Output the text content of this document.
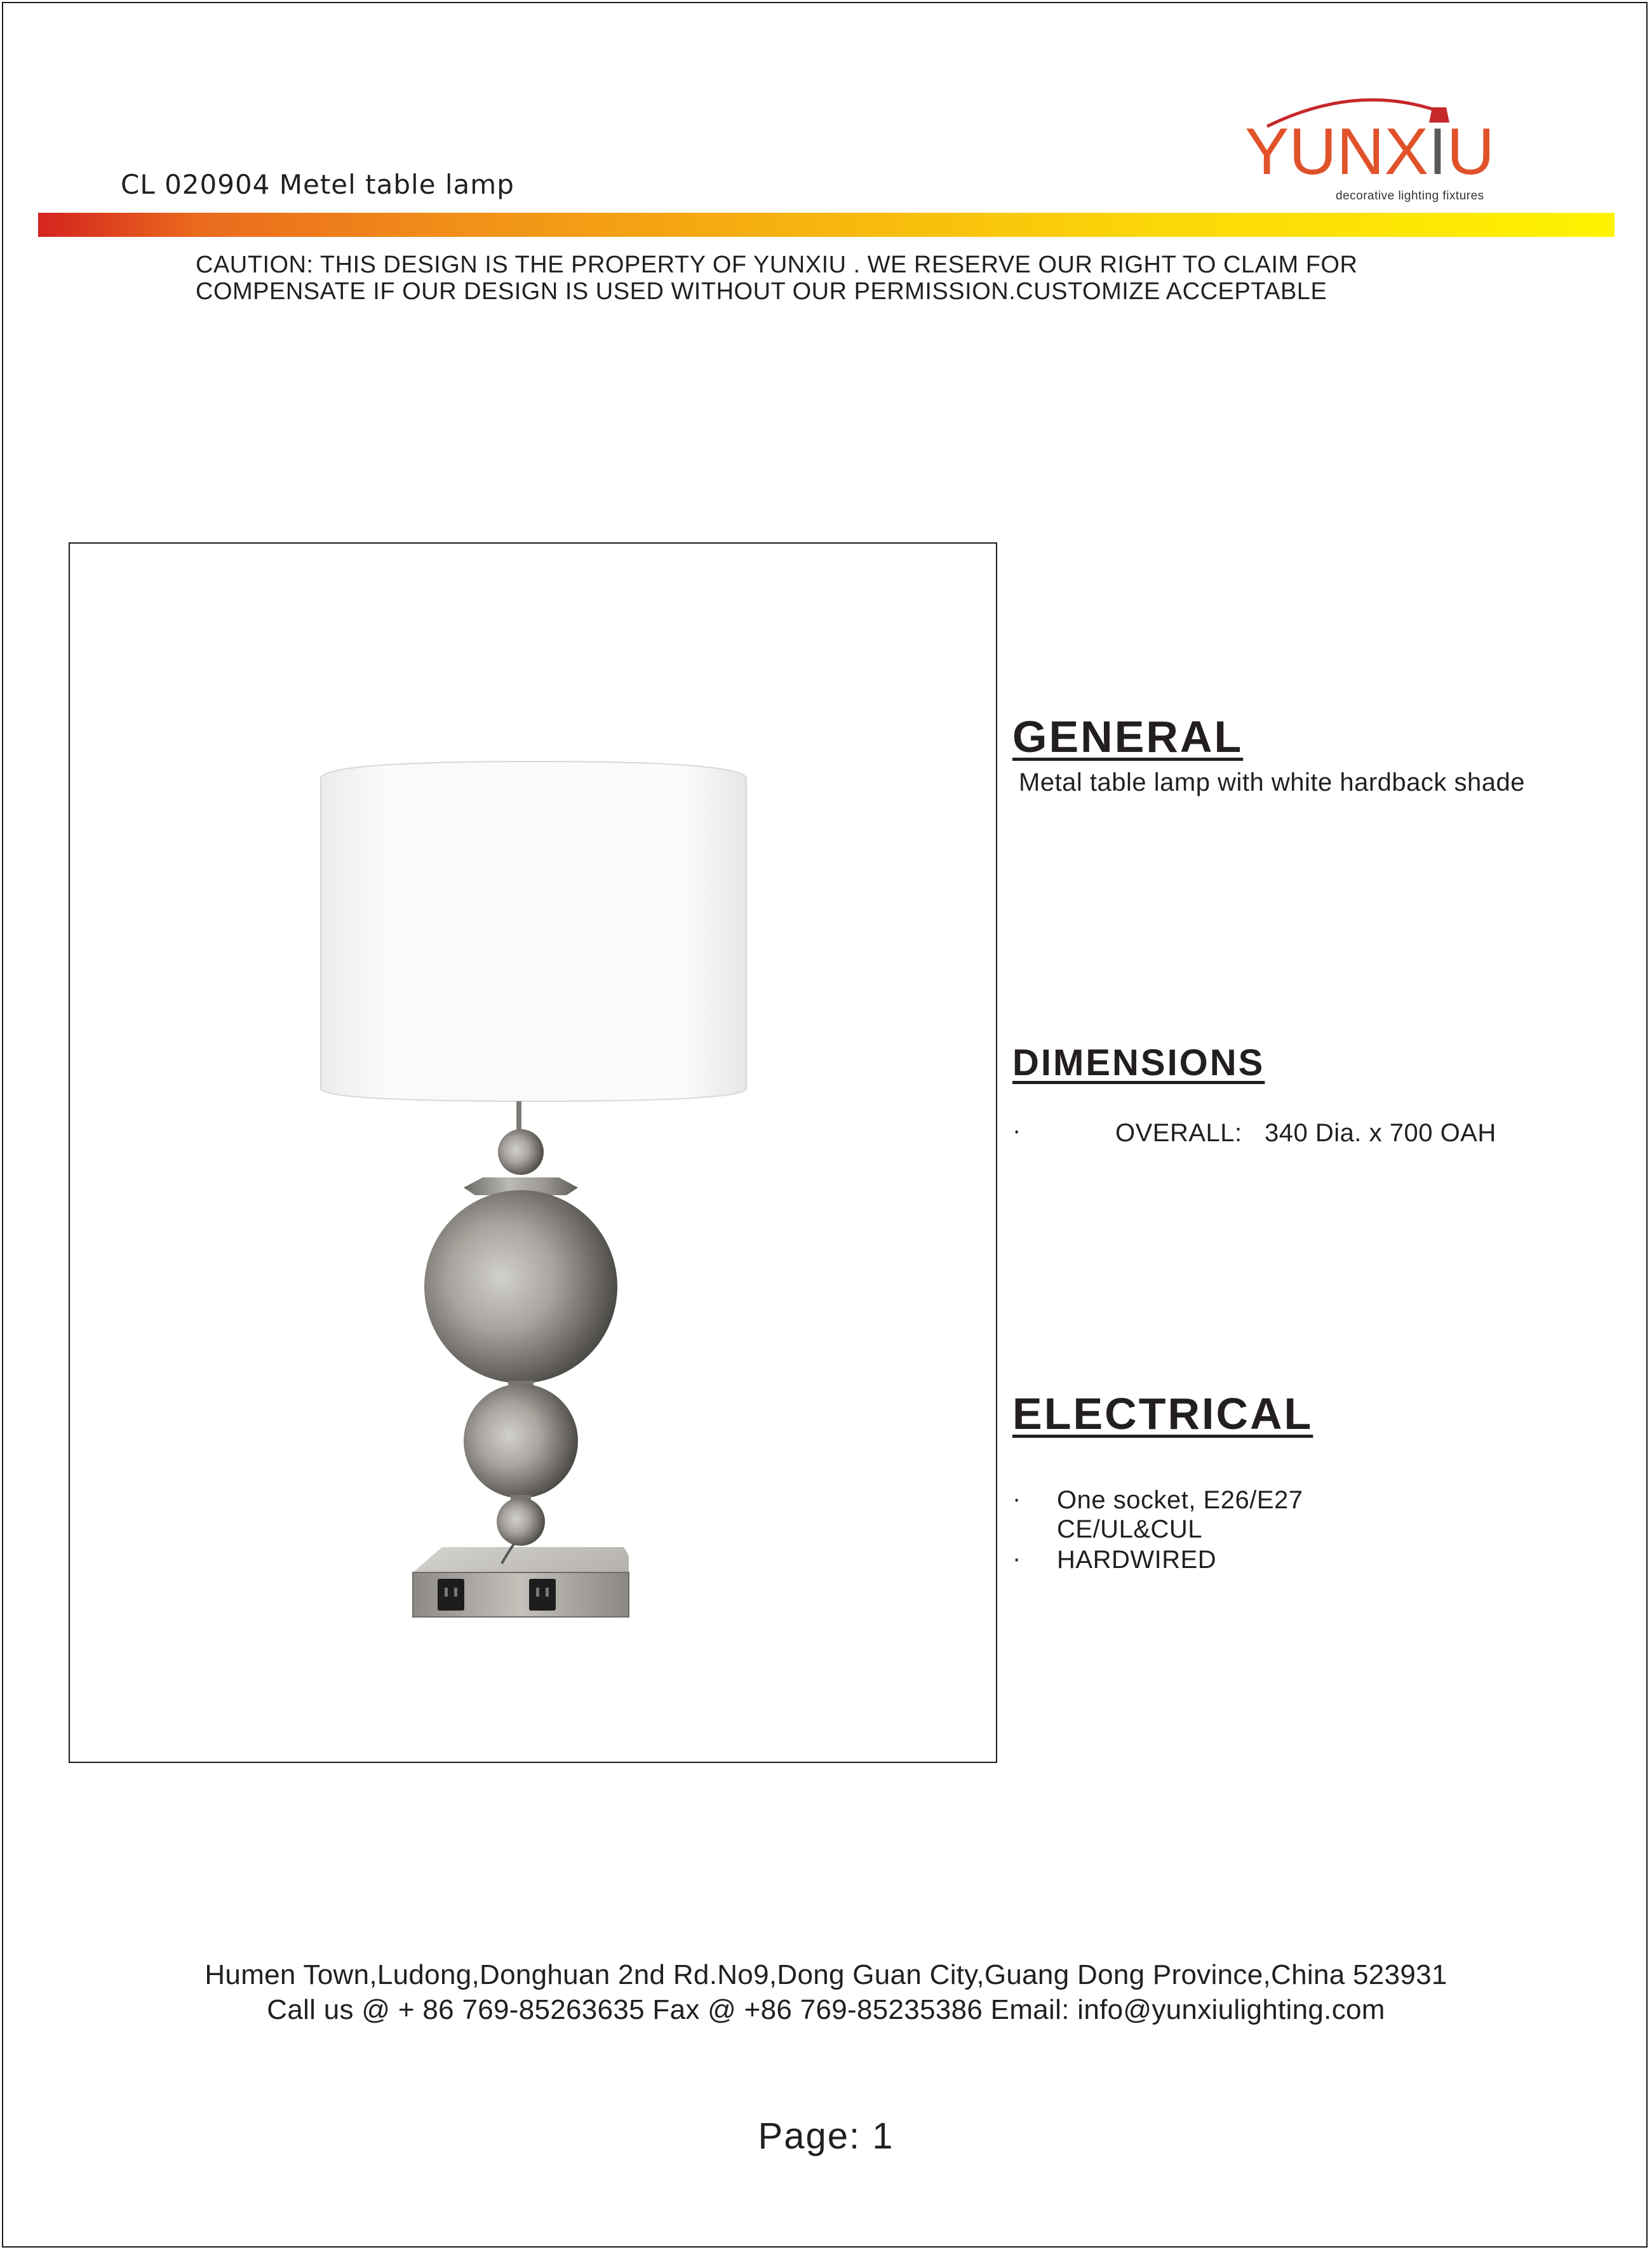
CL 020904 Metel table lamp	YUNXIU
decorative lighting fixtures
CAUTION: THIS DESIGN IS THE PROPERTY OF YUNXIU . WE RESERVE OUR RIGHT TO CLAIM FOR
COMPENSATE IF OUR DESIGN IS USED WITHOUT OUR PERMISSION.CUSTOMIZE ACCEPTABLE
GENERAL
Metal table lamp with white hardback shade
DIMENSIONS
·	OVERALL: 340 Dia. x 700 OAH
ELECTRICAL
· One socket, E26/E27
CE/UL&CUL
· HARDWIRED
Humen Town,Ludong,Donghuan 2nd Rd.No9,Dong Guan City,Guang Dong Province,China 523931
Call us @ + 86 769-85263635 Fax @ +86 769-85235386 Email: info@yunxiulighting.com
Page: 1
